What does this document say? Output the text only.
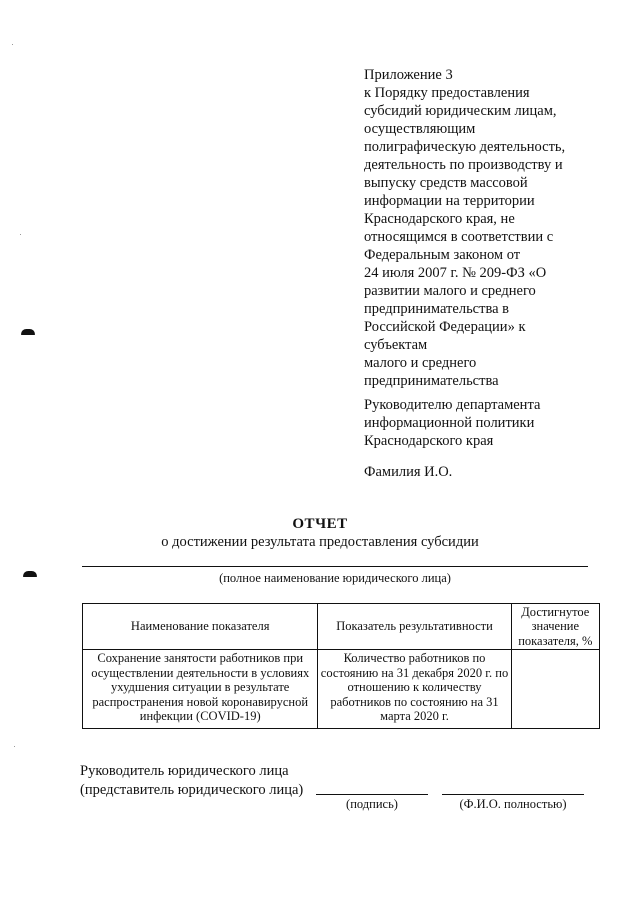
Приложение 3
к Порядку предоставления
субсидий юридическим лицам,
осуществляющим
полиграфическую деятельность,
деятельность по производству и
выпуску средств массовой
информации на территории
Краснодарского края, не
относящимся в соответствии с
Федеральным законом от
24 июля 2007 г. № 209-ФЗ «О
развитии малого и среднего
предпринимательства в
Российской Федерации» к
субъектам
малого и среднего
предпринимательства
Руководителю департамента
информационной политики
Краснодарского края
Фамилия И.О.
ОТЧЕТ
о достижении результата предоставления субсидии
(полное наименование юридического лица)
Наименование показателя	Показатель результативности	Достигнутое значение показателя, %
Сохранение занятости работников при осуществлении деятельности в условиях ухудшения ситуации в результате распространения новой коронавирусной инфекции (COVID-19)	Количество работников по состоянию на 31 декабря 2020 г. по отношению к количеству работников по состоянию на 31 марта 2020 г.	
Руководитель юридического лица
(представитель юридического лица)
(подпись)	(Ф.И.О. полностью)
